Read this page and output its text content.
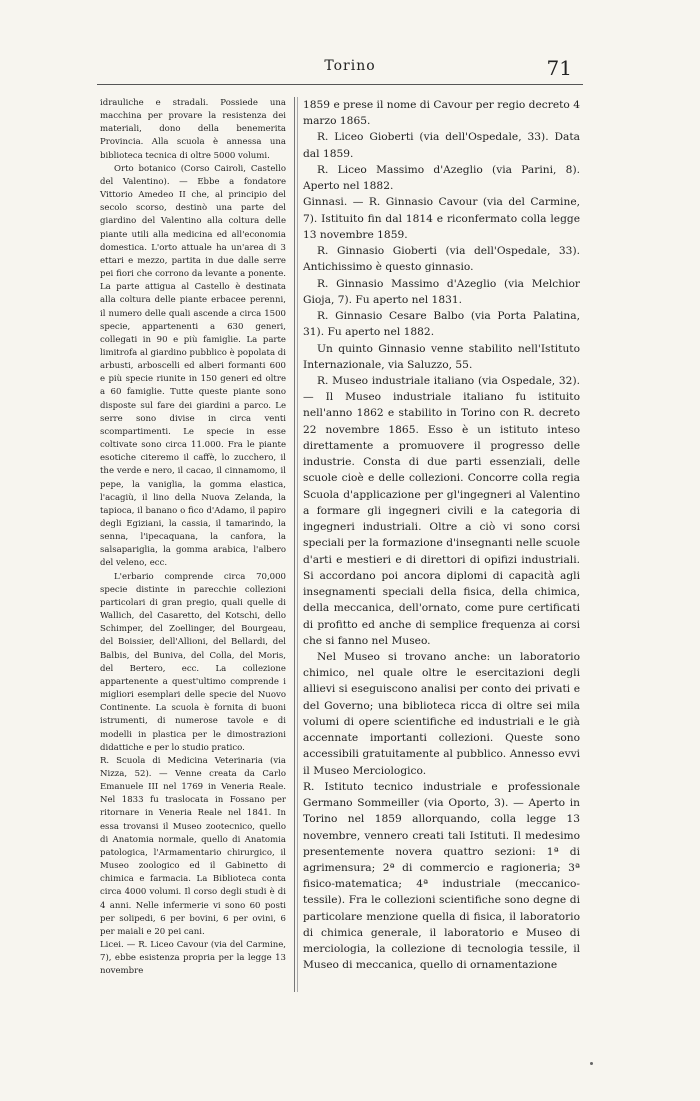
Torino	71

idrauliche e stradali. Possiede una macchina per provare la resistenza dei materiali, dono della benemerita Provincia. Alla scuola è annessa una biblioteca tecnica di oltre 5000 volumi.

Orto botanico (Corso Cairoli, Castello del Valentino). — Ebbe a fondatore Vittorio Amedeo II che, al principio del secolo scorso, destinò una parte del giardino del Valentino alla coltura delle piante utili alla medicina ed all'economia domestica. L'orto attuale ha un'area di 3 ettari e mezzo, partita in due dalle serre pei fiori che corrono da levante a ponente. La parte attigua al Castello è destinata alla coltura delle piante erbacee perenni, il numero delle quali ascende a circa 1500 specie, appartenenti a 630 generi, collegati in 90 e più famiglie. La parte limitrofa al giardino pubblico è popolata di arbusti, arboscelli ed alberi formanti 600 e più specie riunite in 150 generi ed oltre a 60 famiglie. Tutte queste piante sono disposte sul fare dei giardini a parco. Le serre sono divise in circa venti scompartimenti. Le specie in esse coltivate sono circa 11.000. Fra le piante esotiche citeremo il caffè, lo zucchero, il the verde e nero, il cacao, il cinnamomo, il pepe, la vaniglia, la gomma elastica, l'acagiù, il lino della Nuova Zelanda, la tapioca, il banano o fico d'Adamo, il papiro degli Egiziani, la cassia, il tamarindo, la senna, l'ipecaquana, la canfora, la salsapariglia, la gomma arabica, l'albero del veleno, ecc.

L'erbario comprende circa 70,000 specie distinte in parecchie collezioni particolari di gran pregio, quali quelle di Wallich, del Casaretto, del Kotschi, dello Schimper, del Zoellinger, del Bourgeau, del Boissier, dell'Allioni, del Bellardi, del Balbis, del Buniva, del Colla, del Moris, del Bertero, ecc. La collezione appartenente a quest'ultimo comprende i migliori esemplari delle specie del Nuovo Continente. La scuola è fornita di buoni istrumenti, di numerose tavole e di modelli in plastica per le dimostrazioni didattiche e per lo studio pratico.

R. Scuola di Medicina Veterinaria (via Nizza, 52). — Venne creata da Carlo Emanuele III nel 1769 in Veneria Reale. Nel 1833 fu traslocata in Fossano per ritornare in Veneria Reale nel 1841. In essa trovansi il Museo zootecnico, quello di Anatomia normale, quello di Anatomia patologica, l'Armamentario chirurgico, il Museo zoologico ed il Gabinetto di chimica e farmacia. La Biblioteca conta circa 4000 volumi. Il corso degli studi è di 4 anni. Nelle infermerie vi sono 60 posti per solipedi, 6 per bovini, 6 per ovini, 6 per maiali e 20 pei cani.

Licei. — R. Liceo Cavour (via del Carmine, 7), ebbe esistenza propria per la legge 13 novembre

1859 e prese il nome di Cavour per regio decreto 4 marzo 1865.

R. Liceo Gioberti (via dell'Ospedale, 33). Data dal 1859.

R. Liceo Massimo d'Azeglio (via Parini, 8). Aperto nel 1882.

Ginnasi. — R. Ginnasio Cavour (via del Carmine, 7). Istituito fin dal 1814 e riconfermato colla legge 13 novembre 1859.

R. Ginnasio Gioberti (via dell'Ospedale, 33). Antichissimo è questo ginnasio.

R. Ginnasio Massimo d'Azeglio (via Melchior Gioja, 7). Fu aperto nel 1831.

R. Ginnasio Cesare Balbo (via Porta Palatina, 31). Fu aperto nel 1882.

Un quinto Ginnasio venne stabilito nell'Istituto Internazionale, via Saluzzo, 55.

R. Museo industriale italiano (via Ospedale, 32). — Il Museo industriale italiano fu istituito nell'anno 1862 e stabilito in Torino con R. decreto 22 novembre 1865. Esso è un istituto inteso direttamente a promuovere il progresso delle industrie. Consta di due parti essenziali, delle scuole cioè e delle collezioni. Concorre colla regia Scuola d'applicazione per gl'ingegneri al Valentino a formare gli ingegneri civili e la categoria di ingegneri industriali. Oltre a ciò vi sono corsi speciali per la formazione d'insegnanti nelle scuole d'arti e mestieri e di direttori di opifizi industriali. Si accordano poi ancora diplomi di capacità agli insegnamenti speciali della fisica, della chimica, della meccanica, dell'ornato, come pure certificati di profitto ed anche di semplice frequenza ai corsi che si fanno nel Museo.

Nel Museo si trovano anche: un laboratorio chimico, nel quale oltre le esercitazioni degli allievi si eseguiscono analisi per conto dei privati e del Governo; una biblioteca ricca di oltre sei mila volumi di opere scientifiche ed industriali e le già accennate importanti collezioni. Queste sono accessibili gratuitamente al pubblico. Annesso evvi il Museo Merciologico.

R. Istituto tecnico industriale e professionale Germano Sommeiller (via Oporto, 3). — Aperto in Torino nel 1859 allorquando, colla legge 13 novembre, vennero creati tali Istituti. Il medesimo presentemente novera quattro sezioni: 1ª di agrimensura; 2ª di commercio e ragioneria; 3ª fisico-matematica; 4ª industriale (meccanico-tessile). Fra le collezioni scientifiche sono degne di particolare menzione quella di fisica, il laboratorio di chimica generale, il laboratorio e Museo di merciologia, la collezione di tecnologia tessile, il Museo di meccanica, quello di ornamentazione
